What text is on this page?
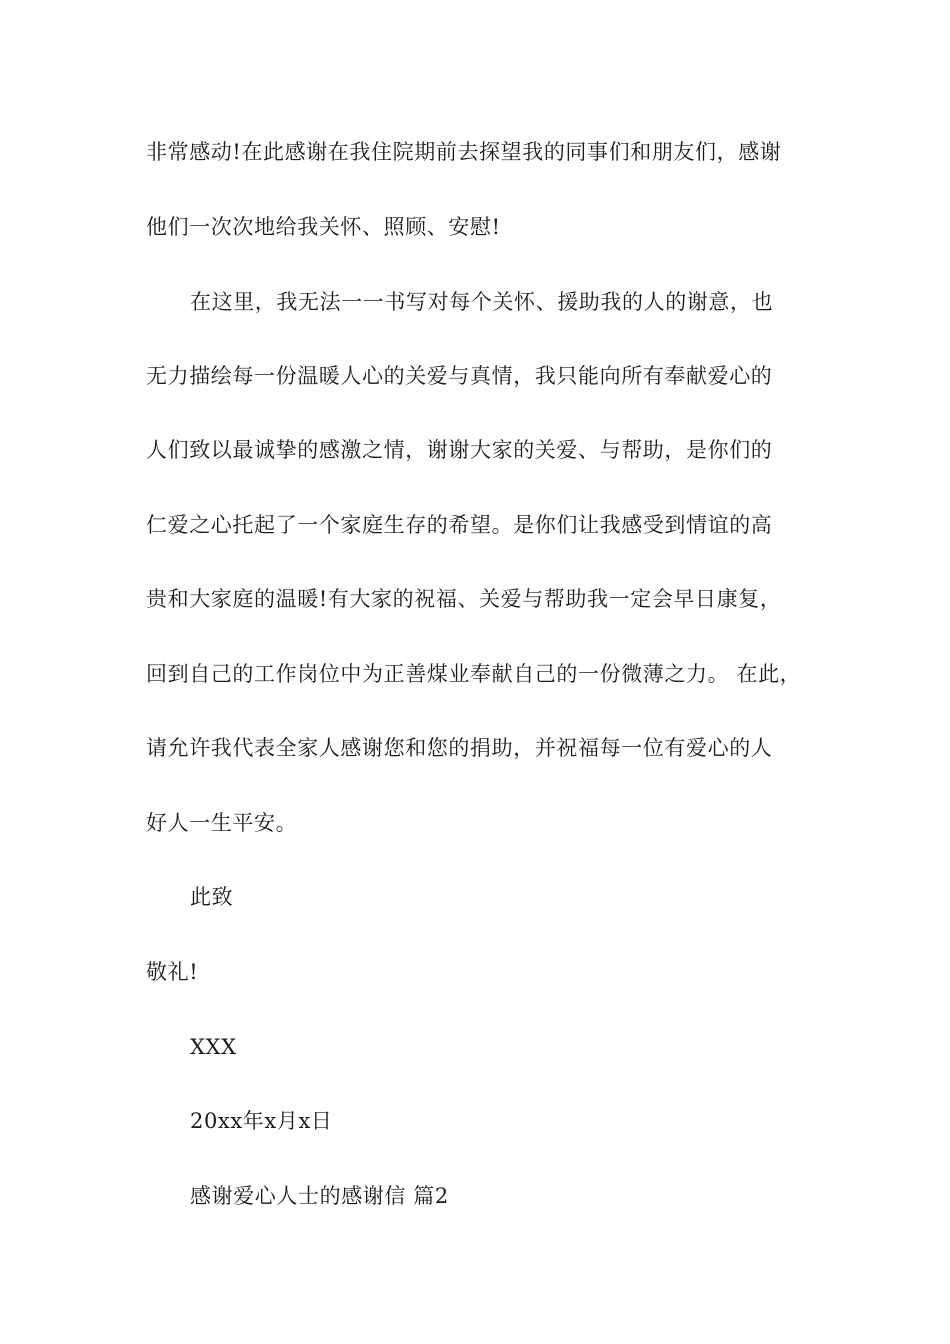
非常感动!在此感谢在我住院期前去探望我的同事们和朋友们，感谢
他们一次次地给我关怀、照顾、安慰!
在这里，我无法一一书写对每个关怀、援助我的人的谢意，也
无力描绘每一份温暖人心的关爱与真情，我只能向所有奉献爱心的
人们致以最诚挚的感激之情，谢谢大家的关爱、与帮助，是你们的
仁爱之心托起了一个家庭生存的希望。是你们让我感受到情谊的高
贵和大家庭的温暖!有大家的祝福、关爱与帮助我一定会早日康复，
回到自己的工作岗位中为正善煤业奉献自己的一份微薄之力。 在此，
请允许我代表全家人感谢您和您的捐助，并祝福每一位有爱心的人
好人一生平安。
此致
敬礼!
XXX
20xx年x月x日
感谢爱心人士的感谢信 篇2
